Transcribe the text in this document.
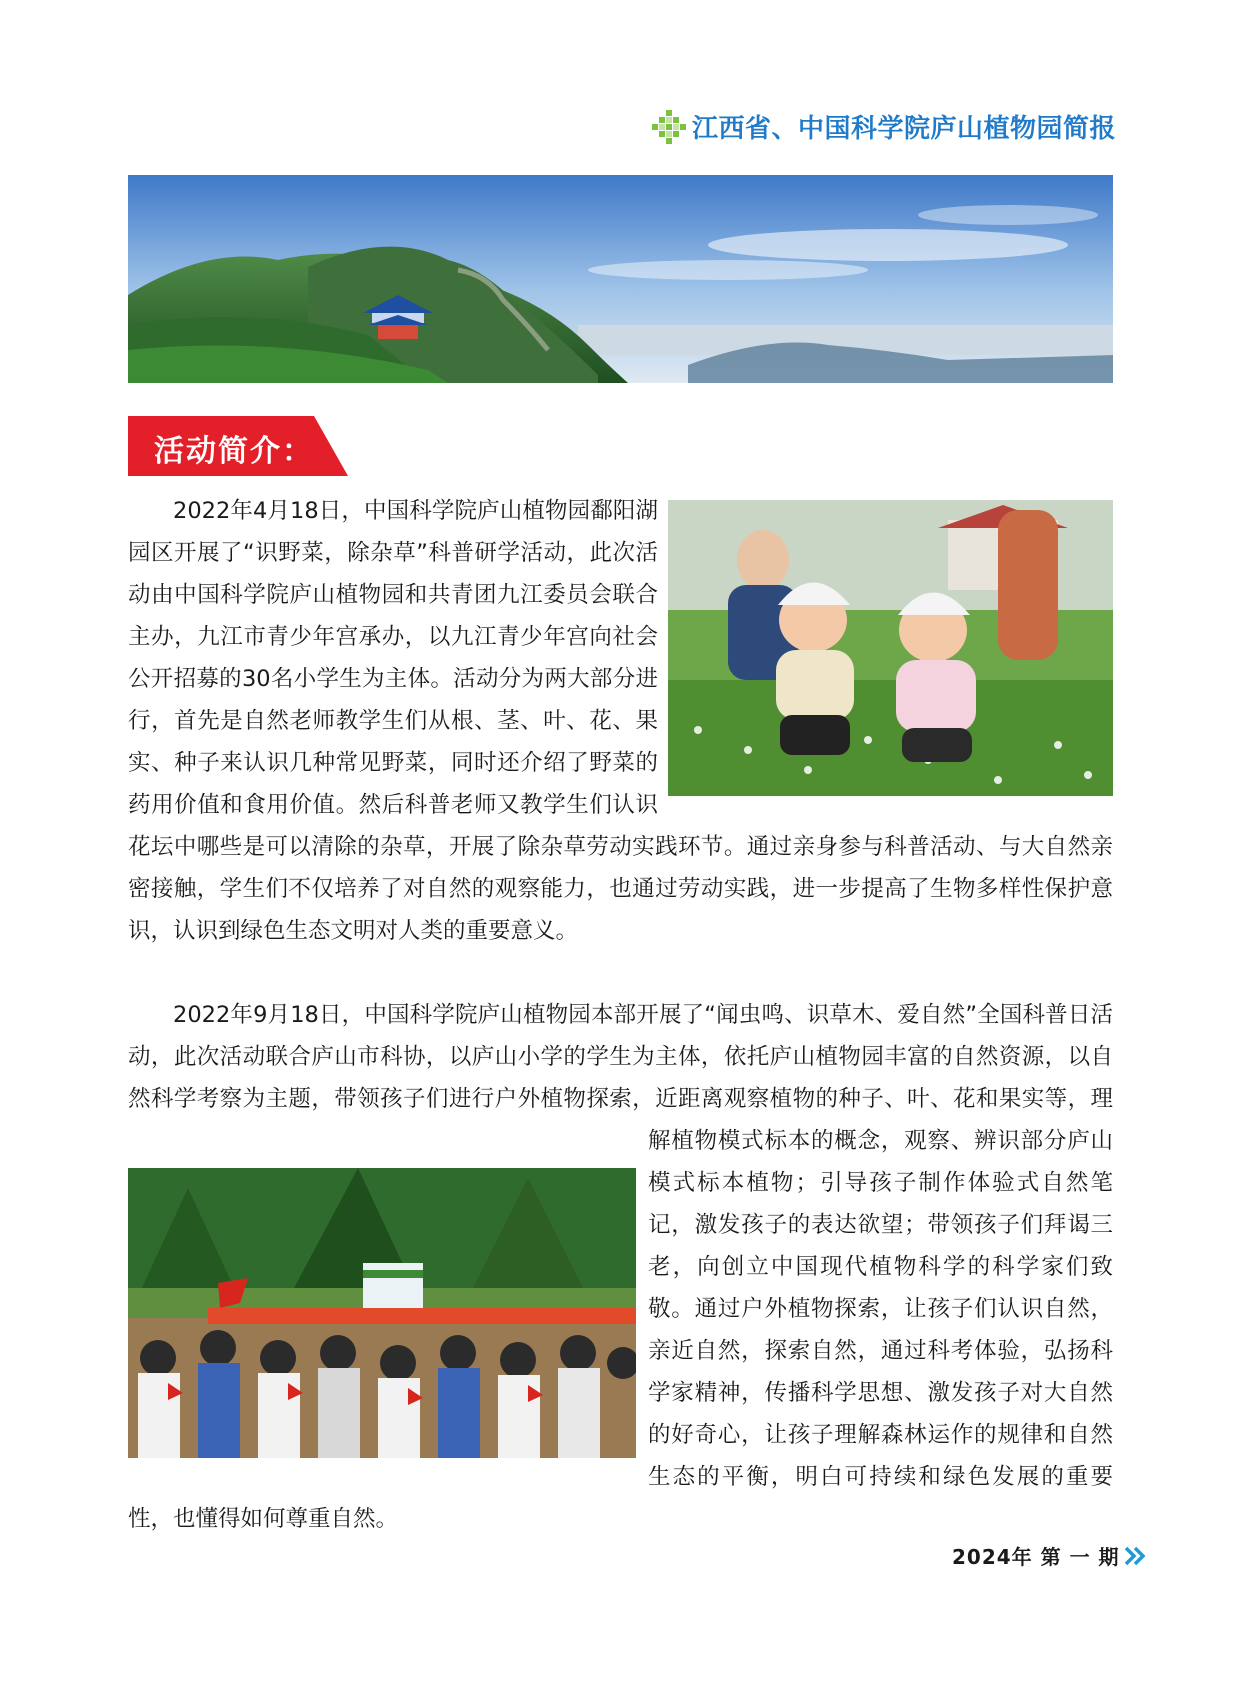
江西省、中国科学院庐山植物园简报
活动简介：
2022年4月18日，中国科学院庐山植物园鄱阳湖园区开展了“识野菜，除杂草”科普研学活动，此次活动由中国科学院庐山植物园和共青团九江委员会联合主办，九江市青少年宫承办，以九江青少年宫向社会公开招募的30名小学生为主体。活动分为两大部分进行，首先是自然老师教学生们从根、茎、叶、花、果实、种子来认识几种常见野菜，同时还介绍了野菜的药用价值和食用价值。然后科普老师又教学生们认识花坛中哪些是可以清除的杂草，开展了除杂草劳动实践环节。通过亲身参与科普活动、与大自然亲密接触，学生们不仅培养了对自然的观察能力，也通过劳动实践，进一步提高了生物多样性保护意识，认识到绿色生态文明对人类的重要意义。
2022年9月18日，中国科学院庐山植物园本部开展了“闻虫鸣、识草木、爱自然”全国科普日活动，此次活动联合庐山市科协，以庐山小学的学生为主体，依托庐山植物园丰富的自然资源，以自然科学考察为主题，带领孩子们进行户外植物探索，近距离观察植物的种子、叶、花和果实等，理解植物模式标本的概念，观察、辨识部分庐山模式标本植物；引导孩子制作体验式自然笔记，激发孩子的表达欲望；带领孩子们拜谒三老，向创立中国现代植物科学的科学家们致敬。通过户外植物探索，让孩子们认识自然，亲近自然，探索自然，通过科考体验，弘扬科学家精神，传播科学思想、激发孩子对大自然的好奇心，让孩子理解森林运作的规律和自然生态的平衡，明白可持续和绿色发展的重要性，也懂得如何尊重自然。
2024年 第 一 期
